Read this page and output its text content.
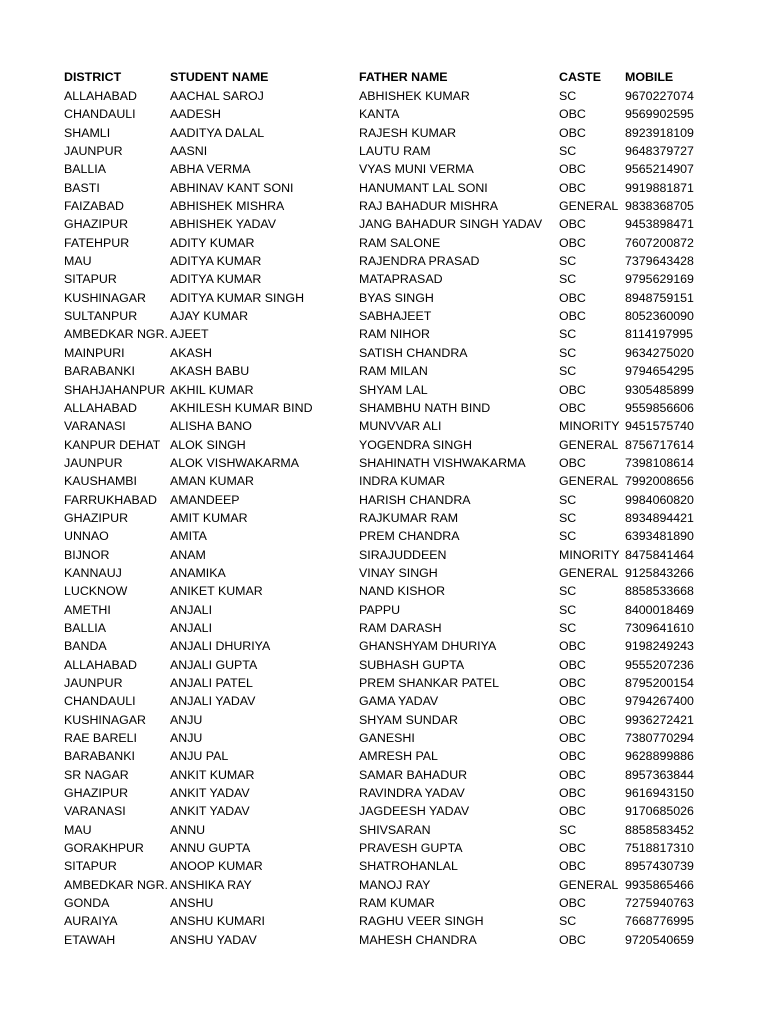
DISTRICT	STUDENT NAME	FATHER NAME	CASTE	MOBILE
ALLAHABAD	AACHAL SAROJ	ABHISHEK KUMAR	SC	9670227074
CHANDAULI	AADESH	KANTA	OBC	9569902595
SHAMLI	AADITYA DALAL	RAJESH KUMAR	OBC	8923918109
JAUNPUR	AASNI	LAUTU RAM	SC	9648379727
BALLIA	ABHA VERMA	VYAS MUNI VERMA	OBC	9565214907
BASTI	ABHINAV KANT SONI	HANUMANT LAL SONI	OBC	9919881871
FAIZABAD	ABHISHEK MISHRA	RAJ BAHADUR MISHRA	GENERAL	9838368705
GHAZIPUR	ABHISHEK YADAV	JANG BAHADUR SINGH YADAV	OBC	9453898471
FATEHPUR	ADITY KUMAR	RAM SALONE	OBC	7607200872
MAU	ADITYA KUMAR	RAJENDRA PRASAD	SC	7379643428
SITAPUR	ADITYA KUMAR	MATAPRASAD	SC	9795629169
KUSHINAGAR	ADITYA KUMAR SINGH	BYAS SINGH	OBC	8948759151
SULTANPUR	AJAY KUMAR	SABHAJEET	OBC	8052360090
AMBEDKAR NGR.	AJEET	RAM NIHOR	SC	8114197995
MAINPURI	AKASH	SATISH CHANDRA	SC	9634275020
BARABANKI	AKASH BABU	RAM MILAN	SC	9794654295
SHAHJAHANPUR	AKHIL KUMAR	SHYAM LAL	OBC	9305485899
ALLAHABAD	AKHILESH KUMAR BIND	SHAMBHU NATH BIND	OBC	9559856606
VARANASI	ALISHA BANO	MUNVVAR ALI	MINORITY	9451575740
KANPUR DEHAT	ALOK SINGH	YOGENDRA SINGH	GENERAL	8756717614
JAUNPUR	ALOK VISHWAKARMA	SHAHINATH VISHWAKARMA	OBC	7398108614
KAUSHAMBI	AMAN KUMAR	INDRA KUMAR	GENERAL	7992008656
FARRUKHABAD	AMANDEEP	HARISH CHANDRA	SC	9984060820
GHAZIPUR	AMIT KUMAR	RAJKUMAR RAM	SC	8934894421
UNNAO	AMITA	PREM CHANDRA	SC	6393481890
BIJNOR	ANAM	SIRAJUDDEEN	MINORITY	8475841464
KANNAUJ	ANAMIKA	VINAY SINGH	GENERAL	9125843266
LUCKNOW	ANIKET KUMAR	NAND KISHOR	SC	8858533668
AMETHI	ANJALI	PAPPU	SC	8400018469
BALLIA	ANJALI	RAM DARASH	SC	7309641610
BANDA	ANJALI DHURIYA	GHANSHYAM DHURIYA	OBC	9198249243
ALLAHABAD	ANJALI GUPTA	SUBHASH GUPTA	OBC	9555207236
JAUNPUR	ANJALI PATEL	PREM SHANKAR PATEL	OBC	8795200154
CHANDAULI	ANJALI YADAV	GAMA YADAV	OBC	9794267400
KUSHINAGAR	ANJU	SHYAM SUNDAR	OBC	9936272421
RAE BARELI	ANJU	GANESHI	OBC	7380770294
BARABANKI	ANJU PAL	AMRESH PAL	OBC	9628899886
SR NAGAR	ANKIT KUMAR	SAMAR BAHADUR	OBC	8957363844
GHAZIPUR	ANKIT YADAV	RAVINDRA YADAV	OBC	9616943150
VARANASI	ANKIT YADAV	JAGDEESH YADAV	OBC	9170685026
MAU	ANNU	SHIVSARAN	SC	8858583452
GORAKHPUR	ANNU GUPTA	PRAVESH GUPTA	OBC	7518817310
SITAPUR	ANOOP KUMAR	SHATROHANLAL	OBC	8957430739
AMBEDKAR NGR.	ANSHIKA RAY	MANOJ RAY	GENERAL	9935865466
GONDA	ANSHU	RAM KUMAR	OBC	7275940763
AURAIYA	ANSHU KUMARI	RAGHU VEER SINGH	SC	7668776995
ETAWAH	ANSHU YADAV	MAHESH CHANDRA	OBC	9720540659
